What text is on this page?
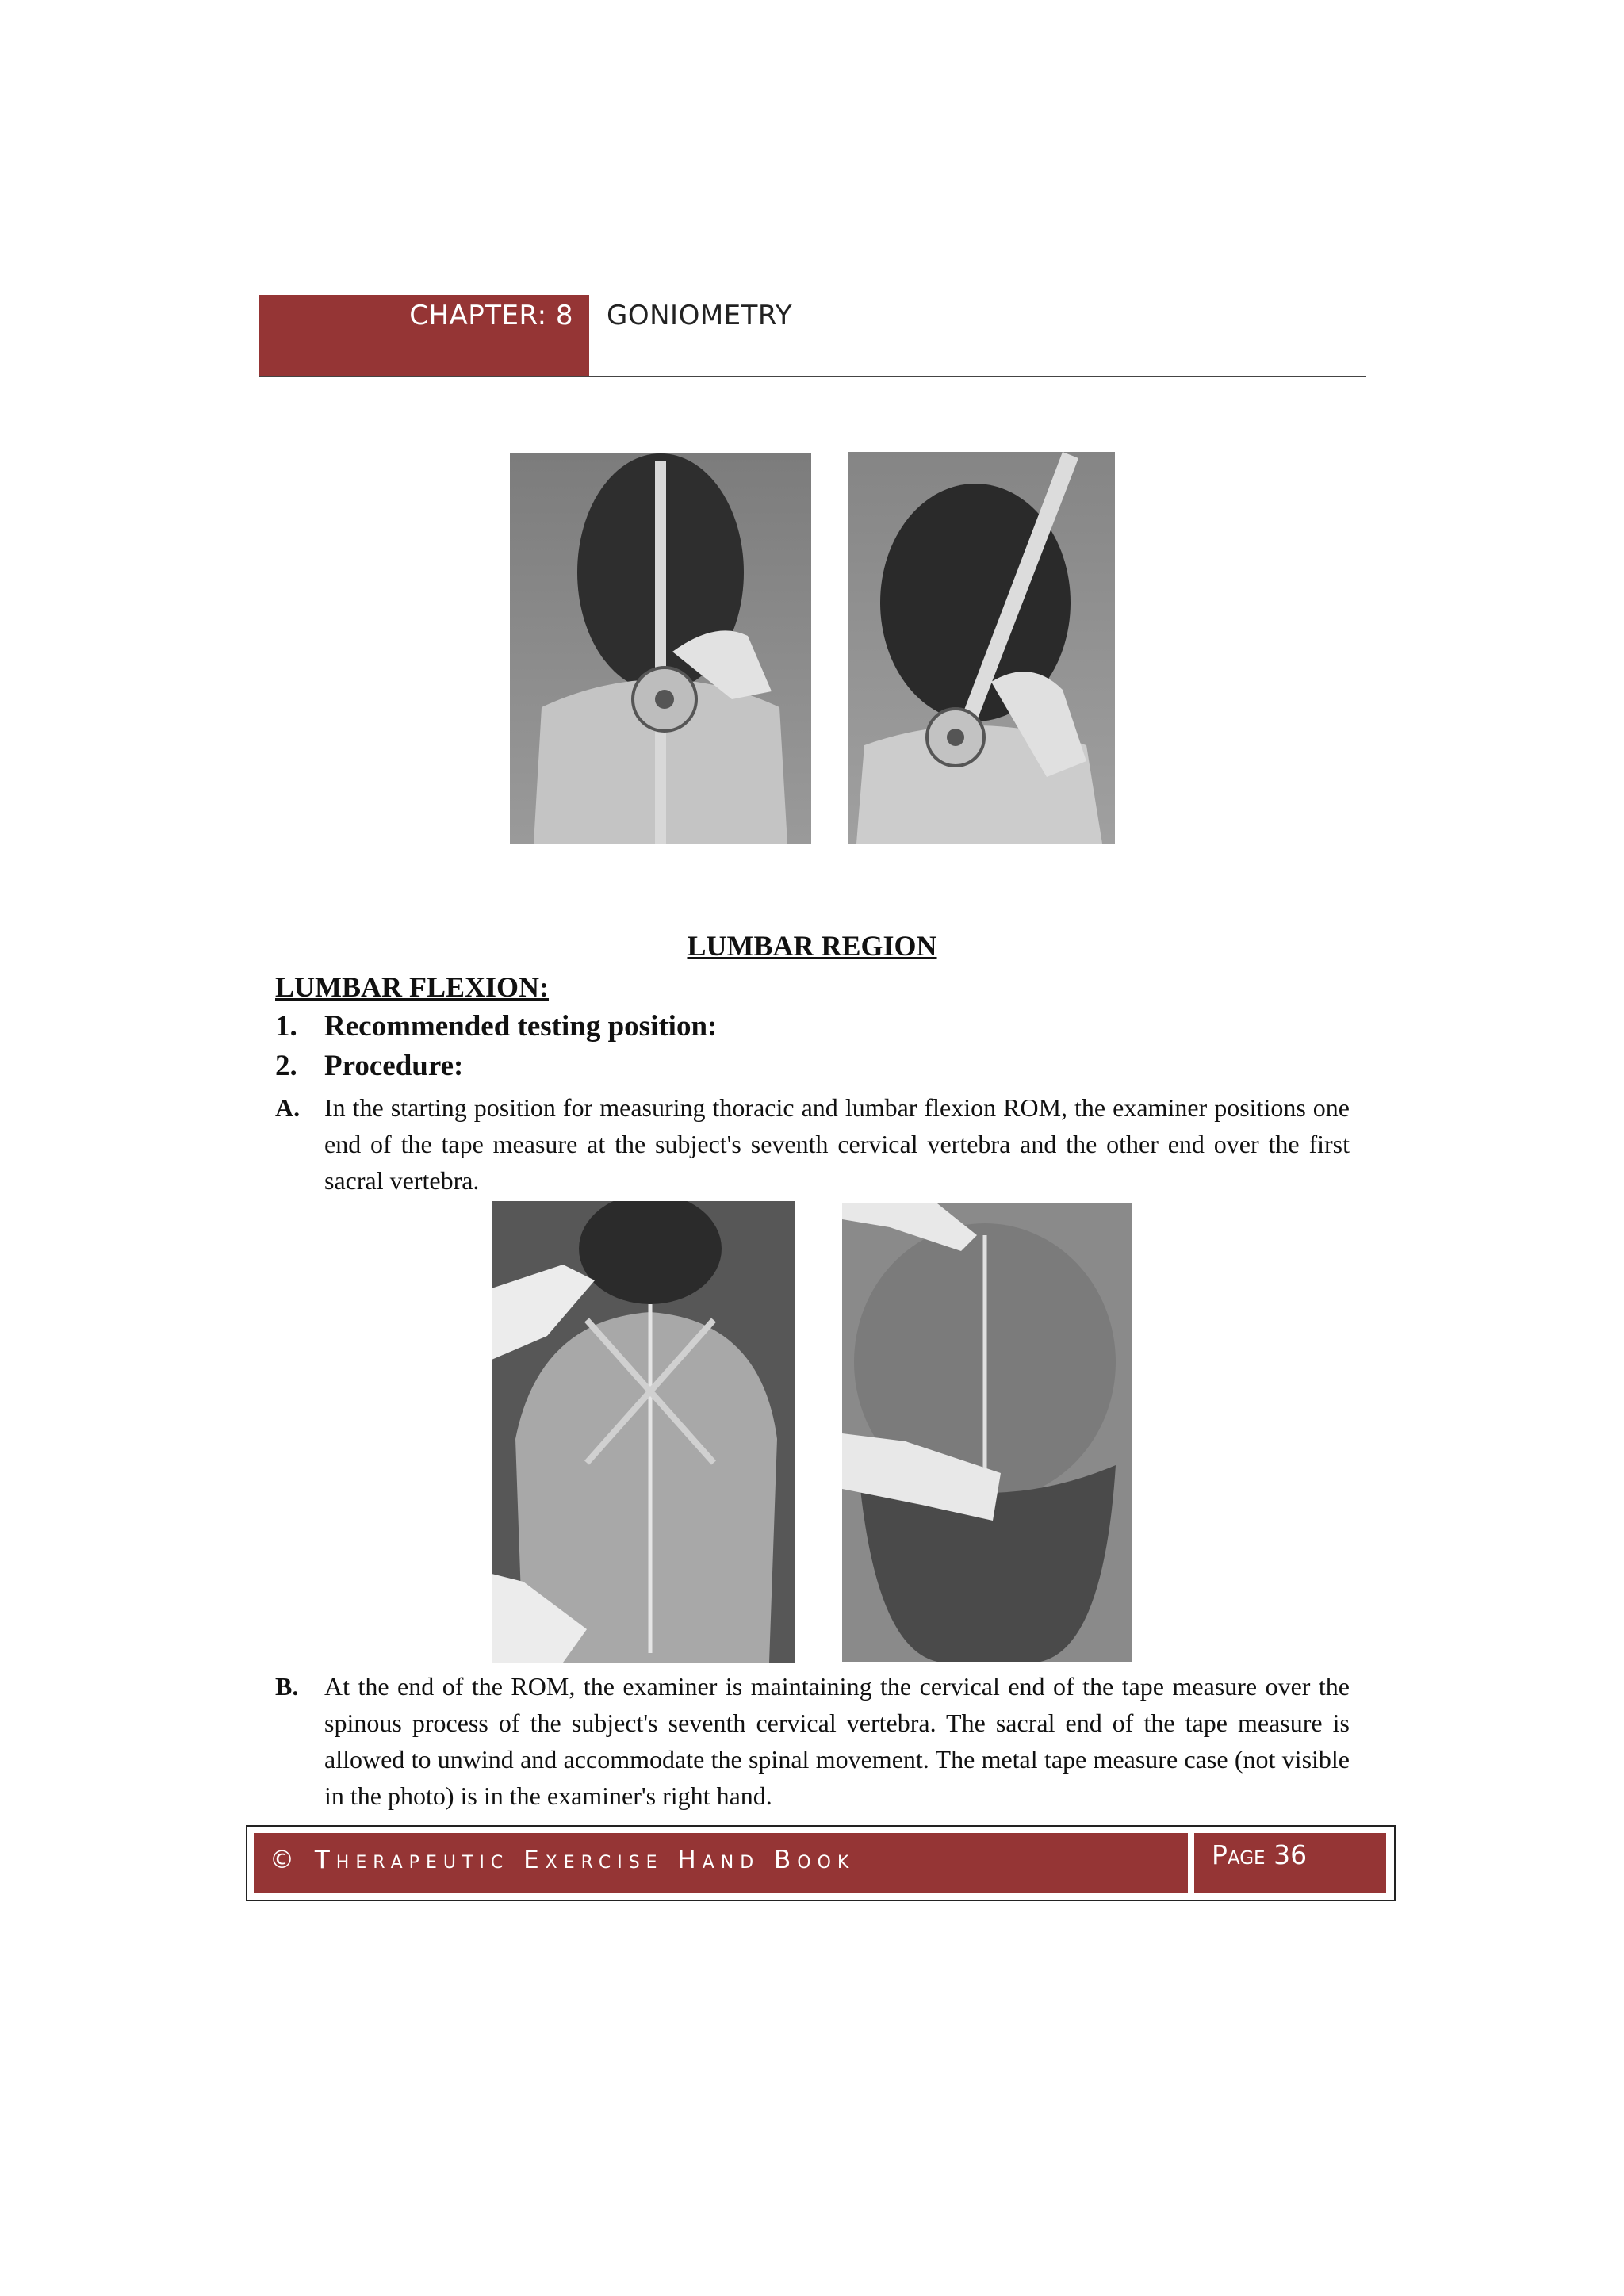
CHAPTER: 8 GONIOMETRY
LUMBAR REGION
LUMBAR FLEXION:
1. Recommended testing position:
2. Procedure:
A. In the starting position for measuring thoracic and lumbar flexion ROM, the examiner positions one end of the tape measure at the subject's seventh cervical vertebra and the other end over the first sacral vertebra.
B. At the end of the ROM, the examiner is maintaining the cervical end of the tape measure over the spinous process of the subject's seventh cervical vertebra. The sacral end of the tape measure is allowed to unwind and accommodate the spinal movement. The metal tape measure case (not visible in the photo) is in the examiner's right hand.
© Therapeutic Exercise Hand Book	Page 36
